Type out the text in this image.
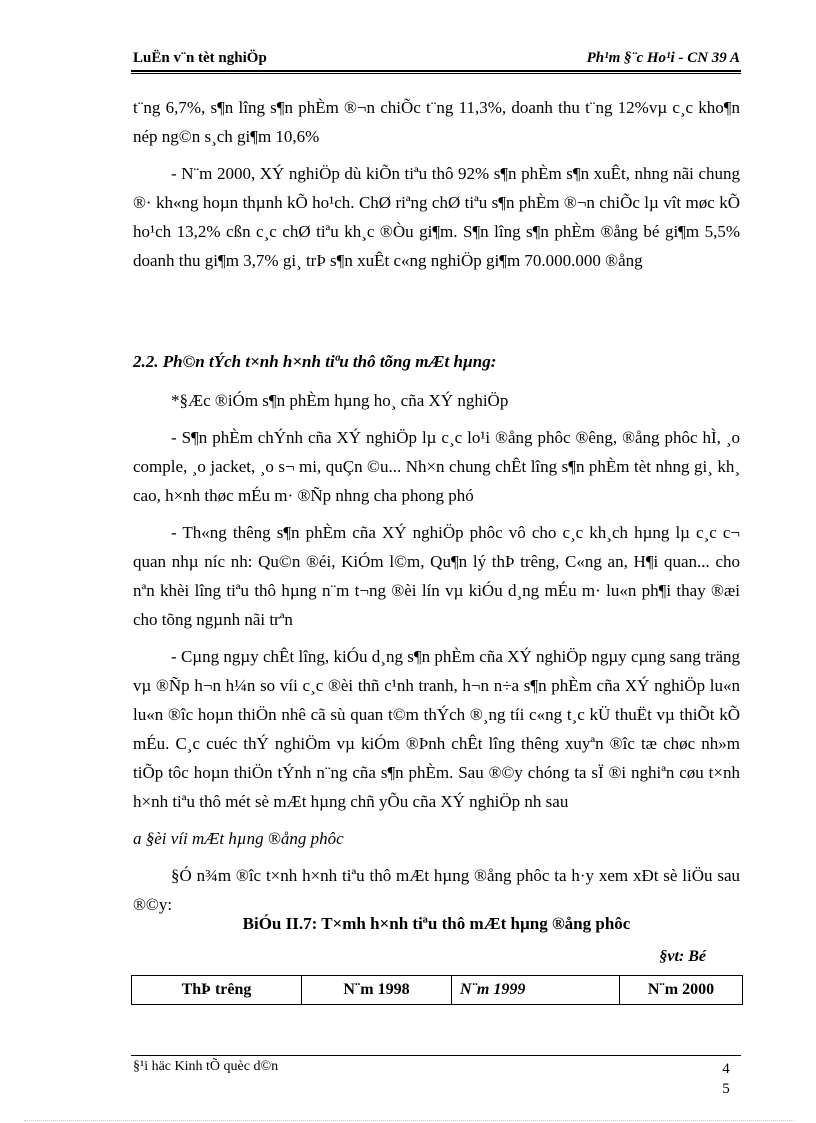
LuËn v¨n tèt nghiÖp	Ph¹m §¨c Ho¹i - CN 39 A

t¨ng 6,7%, s¶n lîng s¶n phÈm ®¬n chiÕc t¨ng 11,3%, doanh thu t¨ng 12%vµ c¸c kho¶n nép ng©n s¸ch gi¶m 10,6%

- N¨m 2000, XÝ nghiÖp dù kiÕn tiªu thô 92% s¶n phÈm s¶n xuÊt, nhng nãi chung ®· kh«ng hoµn thµnh kÕ ho¹ch. ChØ riªng chØ tiªu s¶n phÈm ®¬n chiÕc lµ vît møc kÕ ho¹ch 13,2% cßn c¸c chØ tiªu kh¸c ®Òu gi¶m. S¶n lîng s¶n phÈm ®ång bé gi¶m 5,5% doanh thu gi¶m 3,7% gi¸ trÞ s¶n xuÊt c«ng nghiÖp gi¶m 70.000.000 ®ång

2.2. Ph©n tÝch t×nh h×nh tiªu thô tõng mÆt hµng:

*§Æc ®iÓm s¶n phÈm hµng ho¸ cña XÝ nghiÖp

- S¶n phÈm chÝnh cña XÝ nghiÖp lµ c¸c lo¹i ®ång phôc ®êng, ®ång phôc hÌ, ¸o comple, ¸o jacket, ¸o s¬ mi, quÇn ©u... Nh×n chung chÊt lîng s¶n phÈm tèt nhng gi¸ kh¸ cao, h×nh thøc mÉu m· ®Ñp nhng cha phong phó

- Th«ng thêng s¶n phÈm cña XÝ nghiÖp phôc vô cho c¸c kh¸ch hµng lµ c¸c c¬ quan nhµ níc nh: Qu©n ®éi, KiÓm l©m, Qu¶n lý thÞ trêng, C«ng an, H¶i quan... cho nªn khèi lîng tiªu thô hµng n¨m t¬ng ®èi lín vµ kiÓu d¸ng mÉu m· lu«n ph¶i thay ®æi cho tõng ngµnh nãi trªn

- Cµng ngµy chÊt lîng, kiÓu d¸ng s¶n phÈm cña XÝ nghiÖp ngµy cµng sang träng vµ ®Ñp h¬n h¼n so víi c¸c ®èi thñ c¹nh tranh, h¬n n÷a s¶n phÈm cña XÝ nghiÖp lu«n lu«n ®îc hoµn thiÖn nhê cã sù quan t©m thÝch ®¸ng tíi c«ng t¸c kÜ thuËt vµ thiÕt kÕ mÉu. C¸c cuéc thÝ nghiÖm vµ kiÓm ®Þnh chÊt lîng thêng xuyªn ®îc tæ chøc nh»m tiÕp tôc hoµn thiÖn tÝnh n¨ng cña s¶n phÈm. Sau ®©y chóng ta sÏ ®i nghiªn cøu t×nh h×nh tiªu thô mét sè mÆt hµng chñ yÕu cña XÝ nghiÖp nh sau

a §èi víi mÆt hµng ®ång phôc

§Ó n¾m ®îc t×nh h×nh tiªu thô mÆt hµng ®ång phôc ta h·y xem xÐt sè liÖu sau ®©y:

BiÓu II.7: T×mh h×nh tiªu thô mÆt hµng ®ång phôc
§vt: Bé
ThÞ trêng	N¨m 1998	N¨m 1999	N¨m 2000
§¹i häc Kinh tÕ quèc d©n	4
5
